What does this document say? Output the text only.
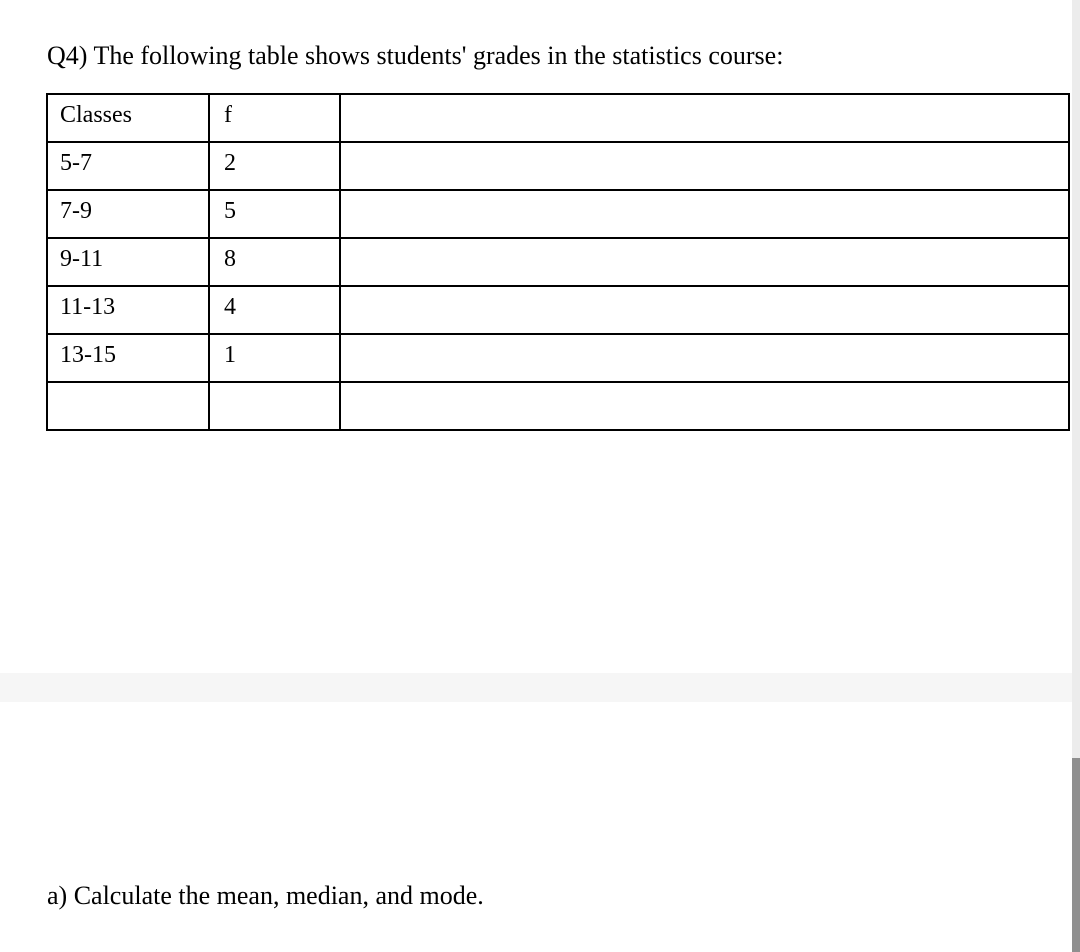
Q4) The following table shows students' grades in the statistics course:
Classes	f	
5-7	2	
7-9	5	
9-11	8	
11-13	4	
13-15	1	

a) Calculate the mean, median, and mode.
